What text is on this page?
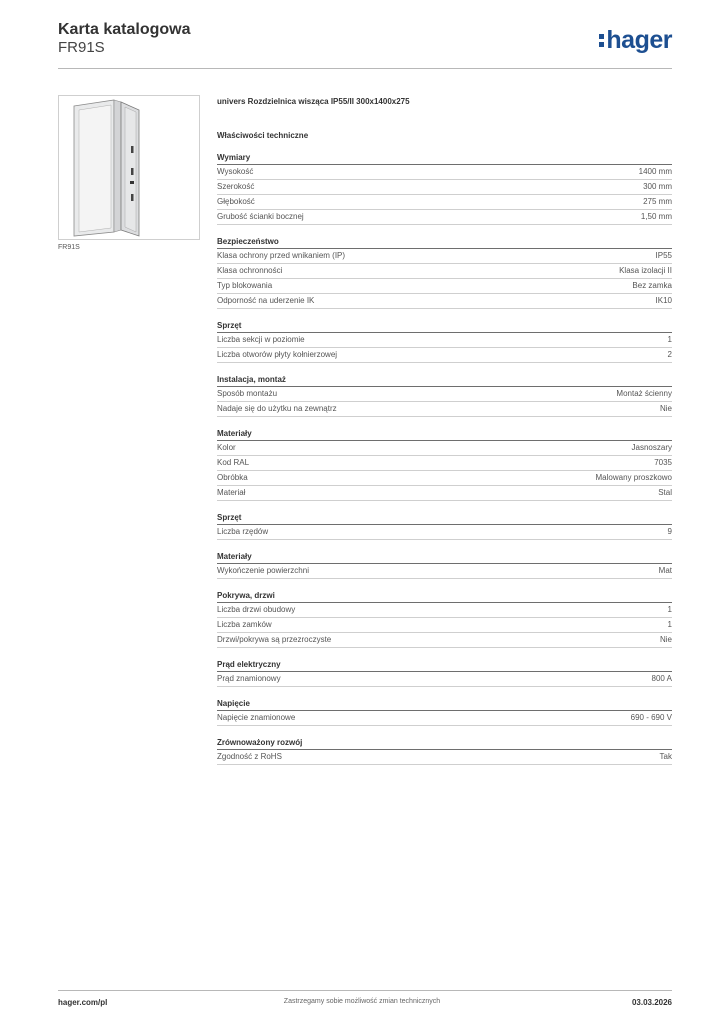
Karta katalogowa
FR91S	hager
FR91S
univers Rozdzielnica wisząca IP55/II 300x1400x275
Właściwości techniczne
Wymiary
Wysokość	1400 mm
Szerokość	300 mm
Głębokość	275 mm
Grubość ścianki bocznej	1,50 mm
Bezpieczeństwo
Klasa ochrony przed wnikaniem (IP)	IP55
Klasa ochronności	Klasa izolacji II
Typ blokowania	Bez zamka
Odporność na uderzenie IK	IK10
Sprzęt
Liczba sekcji w poziomie	1
Liczba otworów płyty kołnierzowej	2
Instalacja, montaż
Sposób montażu	Montaż ścienny
Nadaje się do użytku na zewnątrz	Nie
Materiały
Kolor	Jasnoszary
Kod RAL	7035
Obróbka	Malowany proszkowo
Materiał	Stal
Sprzęt
Liczba rzędów	9
Materiały
Wykończenie powierzchni	Mat
Pokrywa, drzwi
Liczba drzwi obudowy	1
Liczba zamków	1
Drzwi/pokrywa są przezroczyste	Nie
Prąd elektryczny
Prąd znamionowy	800 A
Napięcie
Napięcie znamionowe	690 - 690 V
Zrównoważony rozwój
Zgodność z RoHS	Tak
hager.com/pl	Zastrzegamy sobie możliwość zmian technicznych	03.03.2026
